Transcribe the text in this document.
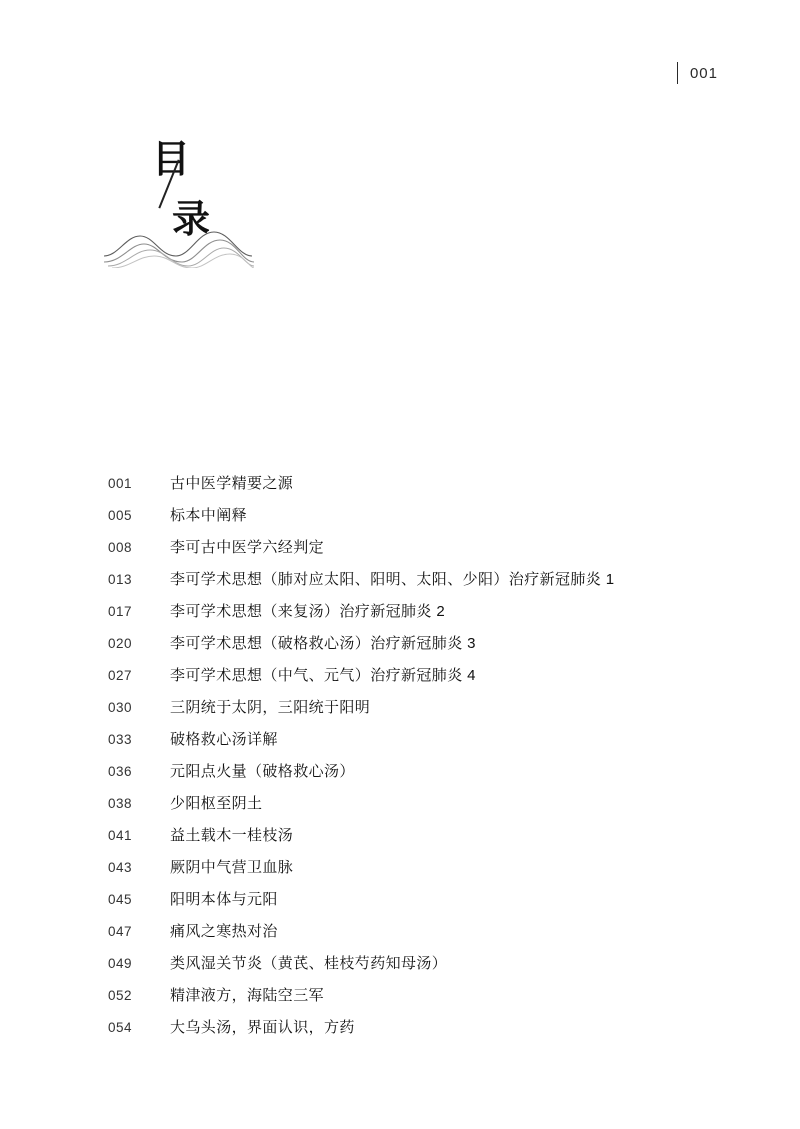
001
目
录
001	古中医学精要之源
005	标本中阐释
008	李可古中医学六经判定
013	李可学术思想（肺对应太阳、阳明、太阳、少阳）治疗新冠肺炎 1
017	李可学术思想（来复汤）治疗新冠肺炎 2
020	李可学术思想（破格救心汤）治疗新冠肺炎 3
027	李可学术思想（中气、元气）治疗新冠肺炎 4
030	三阴统于太阴，三阳统于阳明
033	破格救心汤详解
036	元阳点火量（破格救心汤）
038	少阳枢至阴土
041	益土载木一桂枝汤
043	厥阴中气营卫血脉
045	阳明本体与元阳
047	痛风之寒热对治
049	类风湿关节炎（黄芪、桂枝芍药知母汤）
052	精津液方，海陆空三军
054	大乌头汤，界面认识，方药
